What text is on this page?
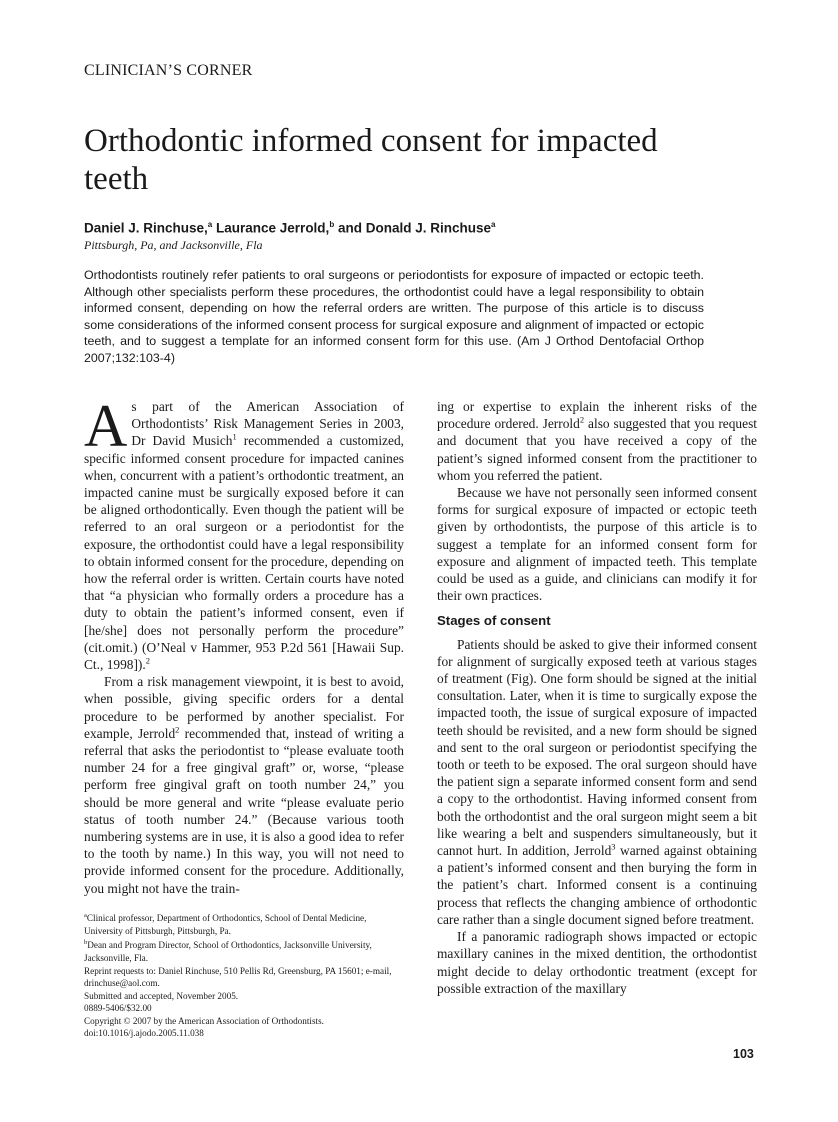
CLINICIAN’S CORNER
Orthodontic informed consent for impacted teeth
Daniel J. Rinchuse,$^a$ Laurance Jerrold,$^b$ and Donald J. Rinchuse$^a$
Pittsburgh, Pa, and Jacksonville, Fla

Orthodontists routinely refer patients to oral surgeons or periodontists for exposure of impacted or ectopic teeth. Although other specialists perform these procedures, the orthodontist could have a legal responsibility to obtain informed consent, depending on how the referral orders are written. The purpose of this article is to discuss some considerations of the informed consent process for surgical exposure and alignment of impacted or ectopic teeth, and to suggest a template for an informed consent form for this use. (Am J Orthod Dentofacial Orthop 2007;132:103-4)

As part of the American Association of Orthodontists’ Risk Management Series in 2003, Dr David Musich$^1$ recommended a customized, specific informed consent procedure for impacted canines when, concurrent with a patient’s orthodontic treatment, an impacted canine must be surgically exposed before it can be aligned orthodontically. Even though the patient will be referred to an oral surgeon or a periodontist for the exposure, the orthodontist could have a legal responsibility to obtain informed consent for the procedure, depending on how the referral order is written. Certain courts have noted that “a physician who formally orders a procedure has a duty to obtain the patient’s informed consent, even if [he/she] does not personally perform the procedure” (cit.omit.) (O’Neal v Hammer, 953 P.2d 561 [Hawaii Sup. Ct., 1998]).$^2$

From a risk management viewpoint, it is best to avoid, when possible, giving specific orders for a dental procedure to be performed by another specialist. For example, Jerrold$^2$ recommended that, instead of writing a referral that asks the periodontist to “please evaluate tooth number 24 for a free gingival graft” or, worse, “please perform free gingival graft on tooth number 24,” you should be more general and write “please evaluate perio status of tooth number 24.” (Because various tooth numbering systems are in use, it is also a good idea to refer to the tooth by name.) In this way, you will not need to provide informed consent for the procedure. Additionally, you might not have the train-

ing or expertise to explain the inherent risks of the procedure ordered. Jerrold$^2$ also suggested that you request and document that you have received a copy of the patient’s signed informed consent from the practitioner to whom you referred the patient.

Because we have not personally seen informed consent forms for surgical exposure of impacted or ectopic teeth given by orthodontists, the purpose of this article is to suggest a template for an informed consent form for exposure and alignment of impacted teeth. This template could be used as a guide, and clinicians can modify it for their own practices.

Stages of consent

Patients should be asked to give their informed consent for alignment of surgically exposed teeth at various stages of treatment (Fig). One form should be signed at the initial consultation. Later, when it is time to surgically expose the impacted tooth, the issue of surgical exposure of impacted teeth should be revisited, and a new form should be signed and sent to the oral surgeon or periodontist specifying the tooth or teeth to be exposed. The oral surgeon should have the patient sign a separate informed consent form and send a copy to the orthodontist. Having informed consent from both the orthodontist and the oral surgeon might seem a bit like wearing a belt and suspenders simultaneously, but it cannot hurt. In addition, Jerrold$^3$ warned against obtaining a patient’s informed consent and then burying the form in the patient’s chart. Informed consent is a continuing process that reflects the changing ambience of orthodontic care rather than a single document signed before treatment.

If a panoramic radiograph shows impacted or ectopic maxillary canines in the mixed dentition, the orthodontist might decide to delay orthodontic treatment (except for possible extraction of the maxillary

$^a$Clinical professor, Department of Orthodontics, School of Dental Medicine, University of Pittsburgh, Pittsburgh, Pa.
$^b$Dean and Program Director, School of Orthodontics, Jacksonville University, Jacksonville, Fla.
Reprint requests to: Daniel Rinchuse, 510 Pellis Rd, Greensburg, PA 15601; e-mail, drinchuse@aol.com.
Submitted and accepted, November 2005.
0889-5406/$32.00
Copyright © 2007 by the American Association of Orthodontists.
doi:10.1016/j.ajodo.2005.11.038
103
